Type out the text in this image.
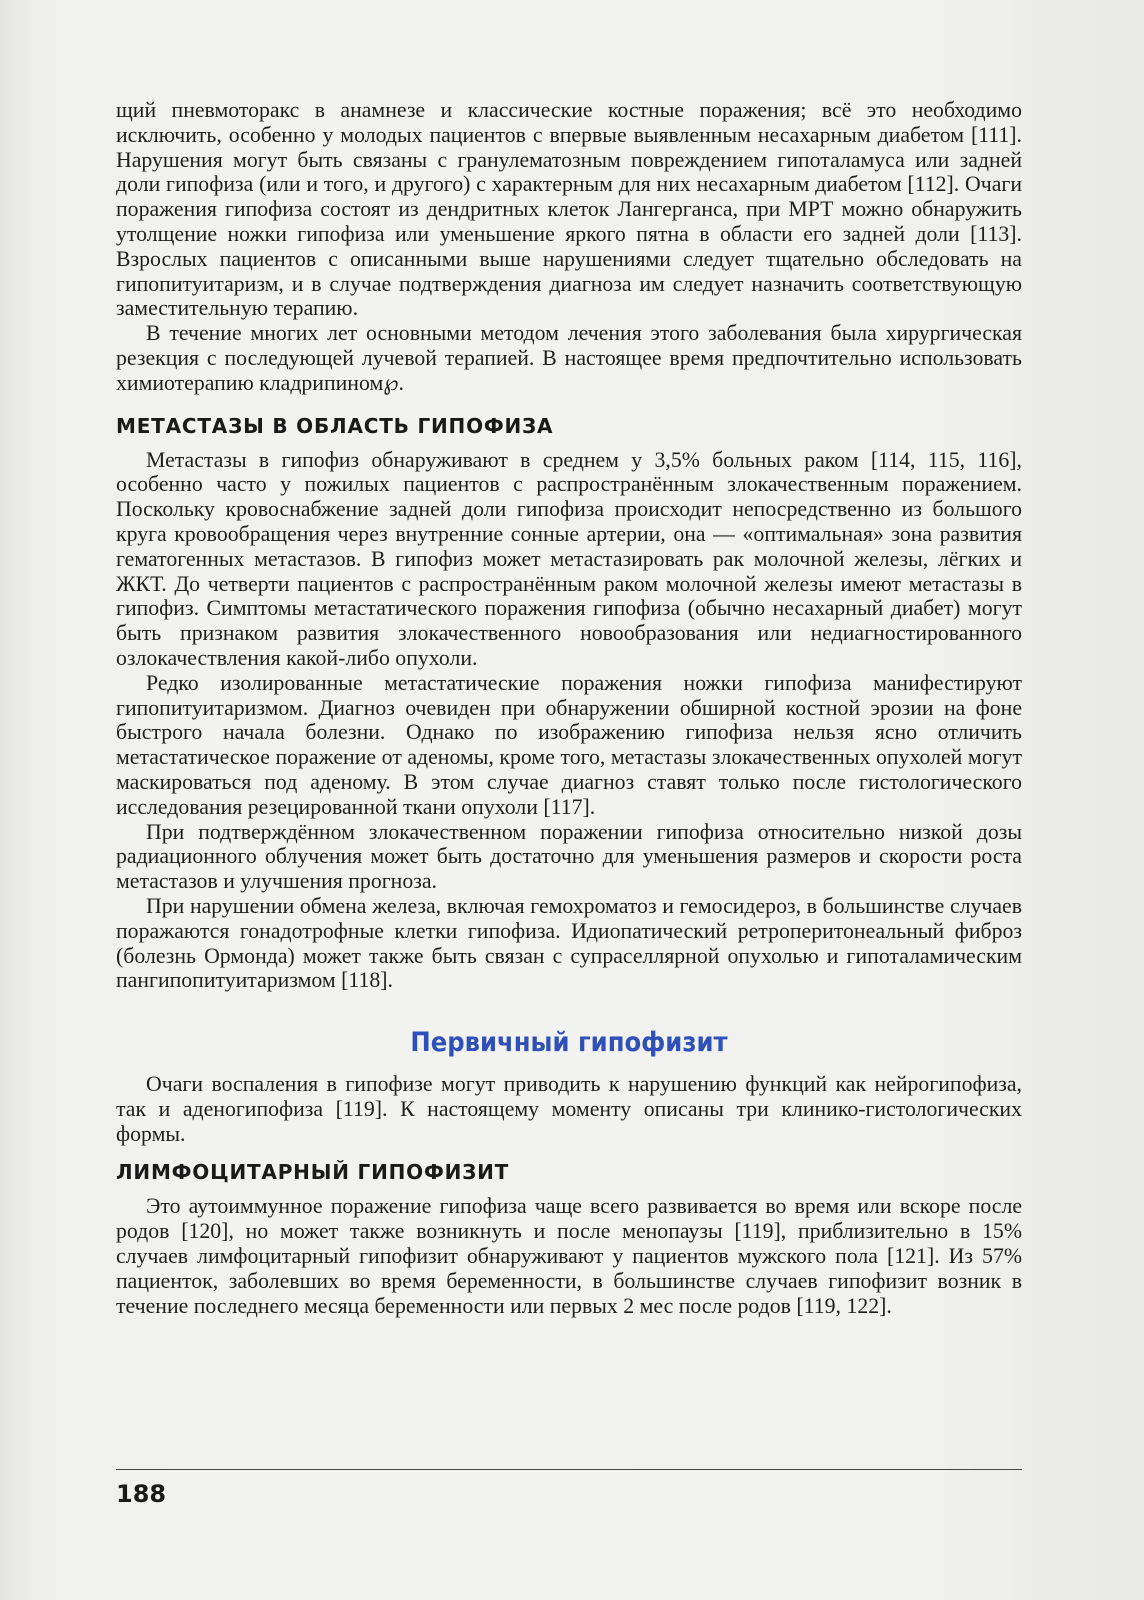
щий пневмоторакс в анамнезе и классические костные поражения; всё это необходимо исключить, особенно у молодых пациентов с впервые выявленным несахарным диабетом [111]. Нарушения могут быть связаны с гранулематозным повреждением гипоталамуса или задней доли гипофиза (или и того, и другого) с характерным для них несахарным диабетом [112]. Очаги поражения гипофиза состоят из дендритных клеток Лангерганса, при МРТ можно обнаружить утолщение ножки гипофиза или уменьшение яркого пятна в области его задней доли [113]. Взрослых пациентов с описанными выше нарушениями следует тщательно обследовать на гипопитуитаризм, и в случае подтверждения диагноза им следует назначить соответствующую заместительную терапию.

В течение многих лет основными методом лечения этого заболевания была хирургическая резекция с последующей лучевой терапией. В настоящее время предпочтительно использовать химиотерапию кладрипином℘.

МЕТАСТАЗЫ В ОБЛАСТЬ ГИПОФИЗА

Метастазы в гипофиз обнаруживают в среднем у 3,5% больных раком [114, 115, 116], особенно часто у пожилых пациентов с распространённым злокачественным поражением. Поскольку кровоснабжение задней доли гипофиза происходит непосредственно из большого круга кровообращения через внутренние сонные артерии, она — «оптимальная» зона развития гематогенных метастазов. В гипофиз может метастазировать рак молочной железы, лёгких и ЖКТ. До четверти пациентов с распространённым раком молочной железы имеют метастазы в гипофиз. Симптомы метастатического поражения гипофиза (обычно несахарный диабет) могут быть признаком развития злокачественного новообразования или недиагностированного озлокачествления какой-либо опухоли.

Редко изолированные метастатические поражения ножки гипофиза манифестируют гипопитуитаризмом. Диагноз очевиден при обнаружении обширной костной эрозии на фоне быстрого начала болезни. Однако по изображению гипофиза нельзя ясно отличить метастатическое поражение от аденомы, кроме того, метастазы злокачественных опухолей могут маскироваться под аденому. В этом случае диагноз ставят только после гистологического исследования резецированной ткани опухоли [117].

При подтверждённом злокачественном поражении гипофиза относительно низкой дозы радиационного облучения может быть достаточно для уменьшения размеров и скорости роста метастазов и улучшения прогноза.

При нарушении обмена железа, включая гемохроматоз и гемосидероз, в большинстве случаев поражаются гонадотрофные клетки гипофиза. Идиопатический ретроперитонеальный фиброз (болезнь Ормонда) может также быть связан с супраселлярной опухолью и гипоталамическим пангипопитуитаризмом [118].

Первичный гипофизит

Очаги воспаления в гипофизе могут приводить к нарушению функций как нейрогипофиза, так и аденогипофиза [119]. К настоящему моменту описаны три клинико-гистологических формы.

ЛИМФОЦИТАРНЫЙ ГИПОФИЗИТ

Это аутоиммунное поражение гипофиза чаще всего развивается во время или вскоре после родов [120], но может также возникнуть и после менопаузы [119], приблизительно в 15% случаев лимфоцитарный гипофизит обнаруживают у пациентов мужского пола [121]. Из 57% пациенток, заболевших во время беременности, в большинстве случаев гипофизит возник в течение последнего месяца беременности или первых 2 мес после родов [119, 122].

188
